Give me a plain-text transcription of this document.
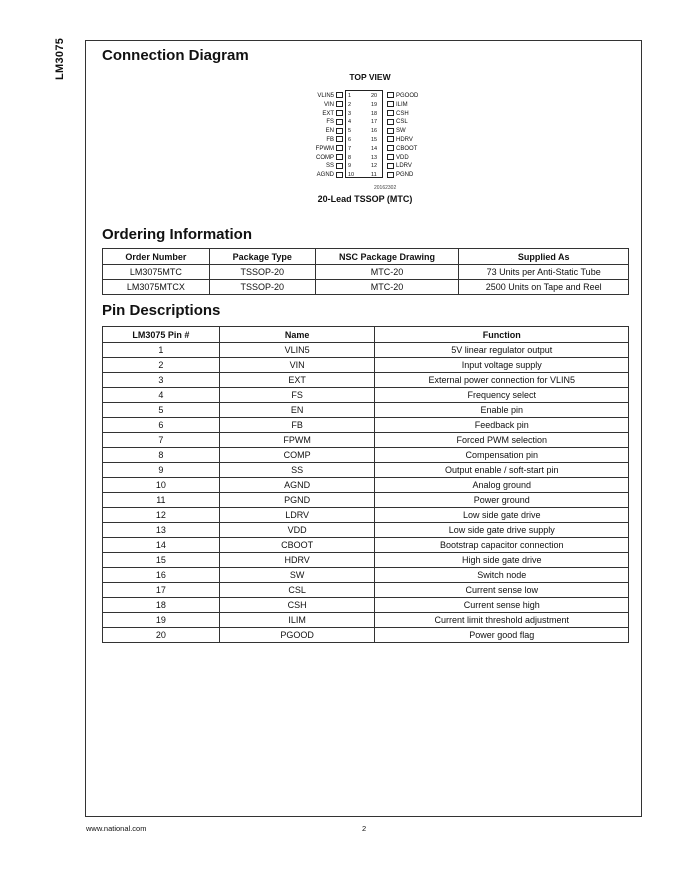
LM3075 Connection Diagram
TOP VIEW
VLIN5	1
VIN	2
EXT	3
FS	4
EN	5
FB	6
FPWM	7
COMP	8
SS	9
AGND	10
PGOOD
20
ILIM
19
CSH
18
CSL
17
SW
16
HDRV
15
CBOOT
14
VDD
13
LDRV
12
PGND
11
20162302
20-Lead TSSOP (MTC)
Ordering Information
Order Number	Package Type	NSC Package Drawing	Supplied As
LM3075MTC	TSSOP-20	MTC-20	73 Units per Anti-Static Tube
LM3075MTCX	TSSOP-20	MTC-20	2500 Units on Tape and Reel
Pin Descriptions
LM3075 Pin #	Name	Function
1	VLIN5	5V linear regulator output
2	VIN	Input voltage supply
3	EXT	External power connection for VLIN5
4	FS	Frequency select
5	EN	Enable pin
6	FB	Feedback pin
7	FPWM	Forced PWM selection
8	COMP	Compensation pin
9	SS	Output enable / soft-start pin
10	AGND	Analog ground
11	PGND	Power ground
12	LDRV	Low side gate drive
13	VDD	Low side gate drive supply
14	CBOOT	Bootstrap capacitor connection
15	HDRV	High side gate drive
16	SW	Switch node
17	CSL	Current sense low
18	CSH	Current sense high
19	ILIM	Current limit threshold adjustment
20	PGOOD	Power good flag
www.national.com	2
